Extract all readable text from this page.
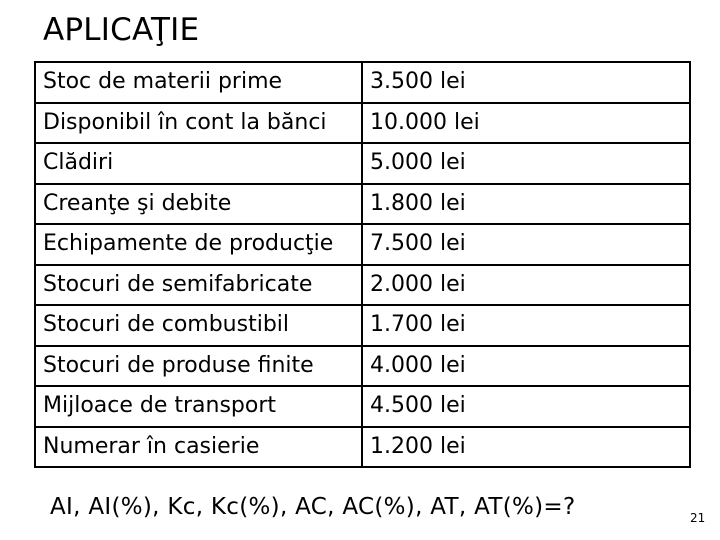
APLICAŢIE
Stoc de materii prime	3.500 lei
Disponibil în cont la bănci	10.000 lei
Clădiri	5.000 lei
Creanţe şi debite	1.800 lei
Echipamente de producţie	7.500 lei
Stocuri de semifabricate	2.000 lei
Stocuri de combustibil	1.700 lei
Stocuri de produse finite	4.000 lei
Mijloace de transport	4.500 lei
Numerar în casierie	1.200 lei
AI, AI(%), Kc, Kc(%), AC, AC(%), AT, AT(%)=?	21
